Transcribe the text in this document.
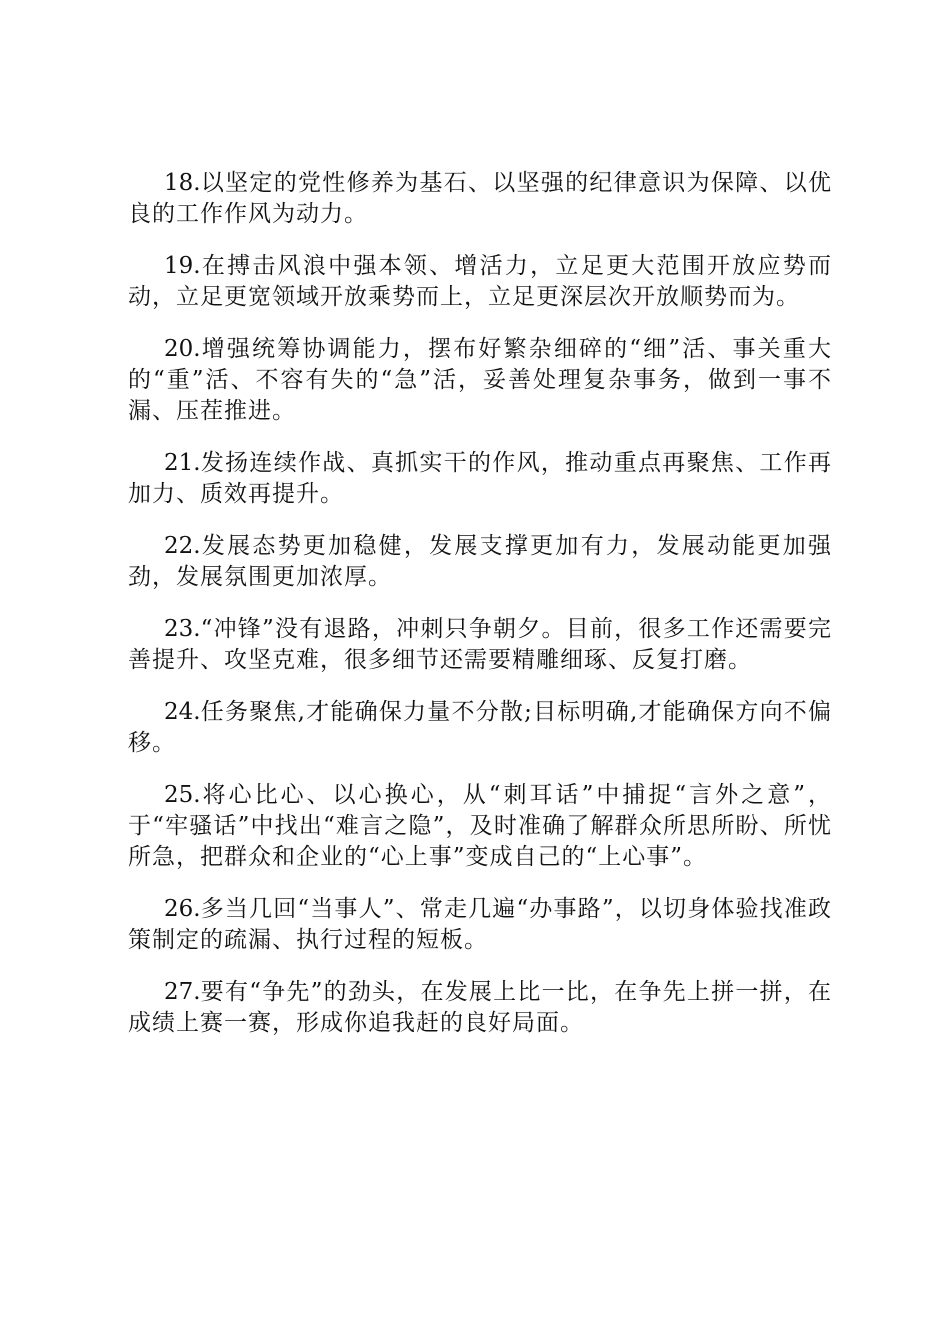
18.以坚定的党性修养为基石、以坚强的纪律意识为保障、以优良的工作作风为动力。

19.在搏击风浪中强本领、增活力，立足更大范围开放应势而动，立足更宽领域开放乘势而上，立足更深层次开放顺势而为。

20.增强统筹协调能力，摆布好繁杂细碎的“细”活、事关重大的“重”活、不容有失的“急”活，妥善处理复杂事务，做到一事不漏、压茬推进。

21.发扬连续作战、真抓实干的作风，推动重点再聚焦、工作再加力、质效再提升。

22.发展态势更加稳健，发展支撑更加有力，发展动能更加强劲，发展氛围更加浓厚。

23.“冲锋”没有退路，冲刺只争朝夕。目前，很多工作还需要完善提升、攻坚克难，很多细节还需要精雕细琢、反复打磨。

24.任务聚焦,才能确保力量不分散;目标明确,才能确保方向不偏移。

25.将心比心、以心换心，从“刺耳话”中捕捉“言外之意”，于“牢骚话”中找出“难言之隐”，及时准确了解群众所思所盼、所忧所急，把群众和企业的“心上事”变成自己的“上心事”。

26.多当几回“当事人”、常走几遍“办事路”，以切身体验找准政策制定的疏漏、执行过程的短板。

27.要有“争先”的劲头，在发展上比一比，在争先上拼一拼，在成绩上赛一赛，形成你追我赶的良好局面。
